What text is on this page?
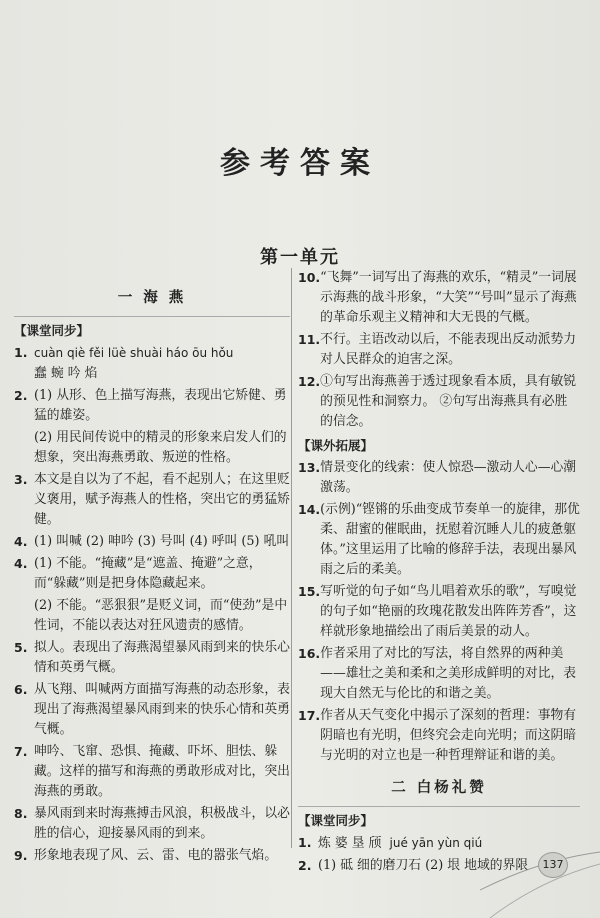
参考答案
第一单元
一 海 燕
【课堂同步】
1. cuàn qiè fěi lüè shuài háo ōu hǒu
蠢 蜿 吟 焰
2. (1) 从形、色上描写海燕，表现出它矫健、勇猛的雄姿。
(2) 用民间传说中的精灵的形象来启发人们的想象，突出海燕勇敢、叛逆的性格。
3. 本文是自以为了不起，看不起别人；在这里贬义褒用，赋予海燕人的性格，突出它的勇猛矫健。
4. (1) 叫喊 (2) 呻吟 (3) 号叫 (4) 呼叫 (5) 吼叫
4. (1) 不能。“掩藏”是“遮盖、掩避”之意，而“躲藏”则是把身体隐藏起来。
(2) 不能。“恶狠狠”是贬义词，而“使劲”是中性词，不能以表达对狂风遗责的感情。
5. 拟人。表现出了海燕渴望暴风雨到来的快乐心情和英勇气概。
6. 从飞翔、叫喊两方面描写海燕的动态形象，表现出了海燕渴望暴风雨到来的快乐心情和英勇气概。
7. 呻吟、飞窜、恐惧、掩藏、吓坏、胆怯、躲藏。这样的描写和海燕的勇敢形成对比，突出海燕的勇敢。
8. 暴风雨到来时海燕搏击风浪，积极战斗，以必胜的信心，迎接暴风雨的到来。
9. 形象地表现了风、云、雷、电的嚣张气焰。
10. “飞舞”一词写出了海燕的欢乐，“精灵”一词展示海燕的战斗形象，“大笑”“号叫”显示了海燕的革命乐观主义精神和大无畏的气概。
11. 不行。主语改动以后，不能表现出反动派势力对人民群众的迫害之深。
12. ①句写出海燕善于透过现象看本质，具有敏锐的预见性和洞察力。 ②句写出海燕具有必胜的信念。
【课外拓展】
13. 情景变化的线索：使人惊恐—激动人心—心潮激荡。
14. (示例)“铿锵的乐曲变成节奏单一的旋律，那优柔、甜蜜的催眠曲，抚慰着沉睡人儿的疲惫躯体。”这里运用了比喻的修辞手法，表现出暴风雨之后的柔美。
15. 写听觉的句子如“鸟儿唱着欢乐的歌”，写嗅觉的句子如“艳丽的玫瑰花散发出阵阵芳香”，这样就形象地描绘出了雨后美景的动人。
16. 作者采用了对比的写法，将自然界的两种美——雄壮之美和柔和之美形成鲜明的对比，表现大自然无与伦比的和谐之美。
17. 作者从天气变化中揭示了深刻的哲理：事物有阴暗也有光明，但终究会走向光明；而这阴暗与光明的对立也是一种哲理辩证和谐的美。
二 白杨礼赞
【课堂同步】
1. 炼 婆 垦 颀 jué yān yùn qiú
2. (1) 砥 细的磨刀石 (2) 垠 地域的界限	137
